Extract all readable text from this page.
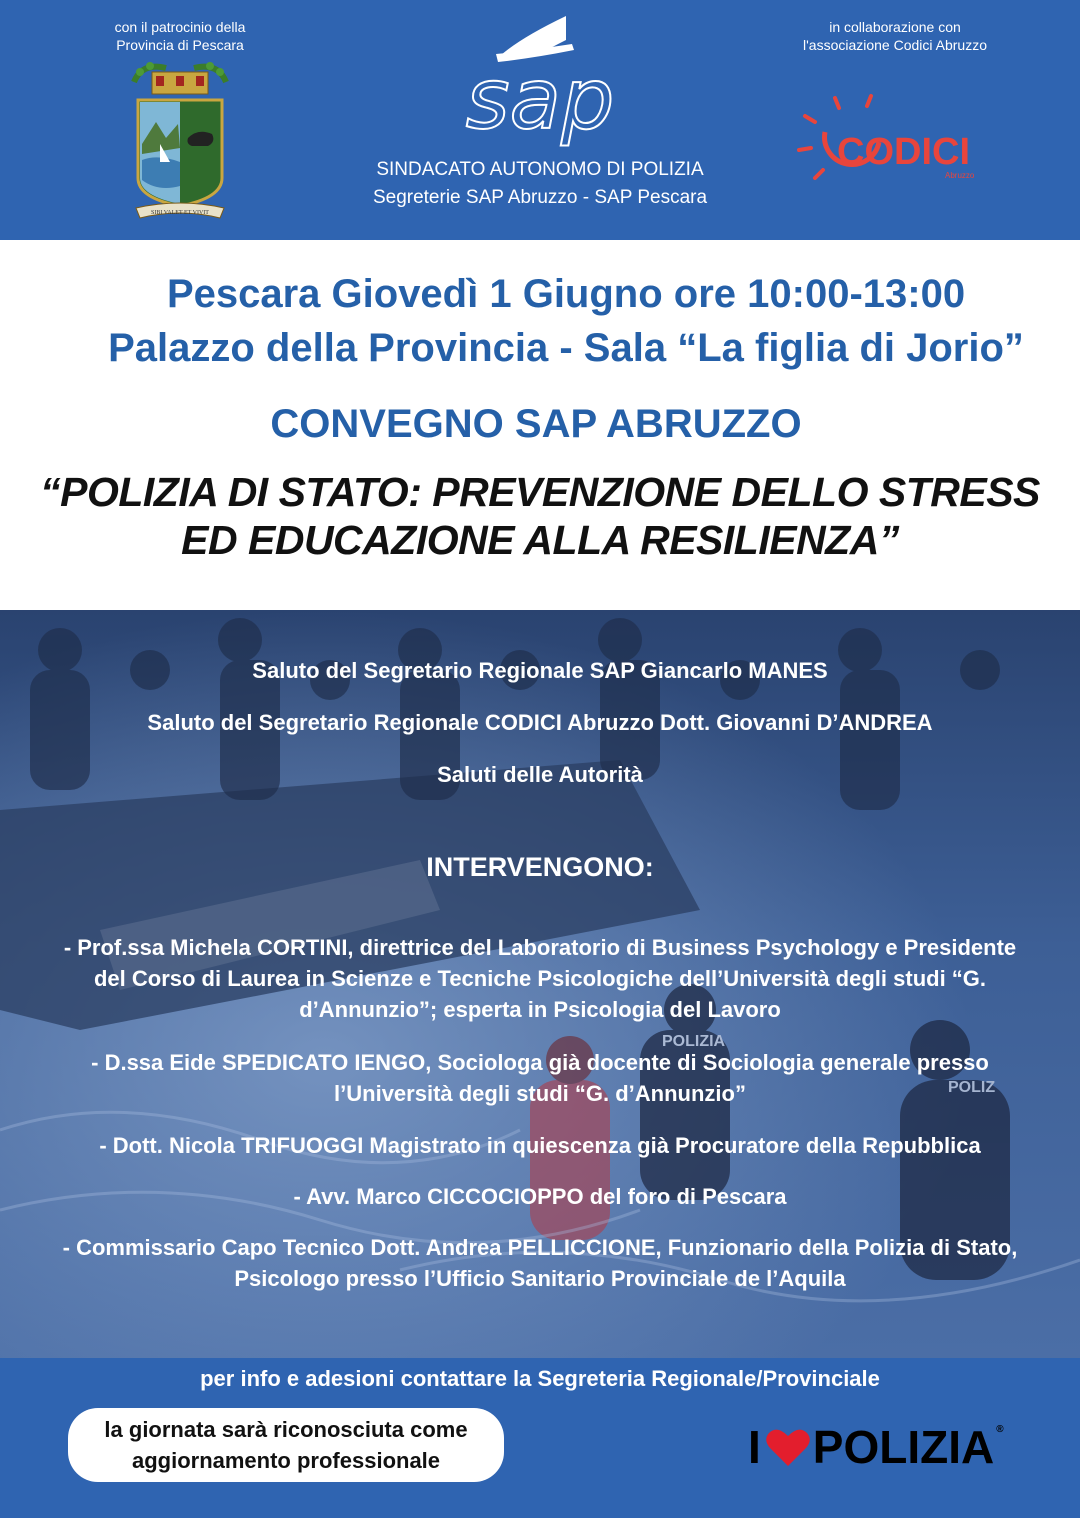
con il patrocinio della
Provincia di Pescara
SIBI VALET ET VIVIT
sap
SINDACATO AUTONOMO DI POLIZIA
Segreterie SAP Abruzzo - SAP Pescara
in collaborazione con
l'associazione Codici Abruzzo
CODICI
Abruzzo
Pescara Giovedì 1 Giugno ore 10:00-13:00
Palazzo della Provincia - Sala “La figlia di Jorio”
CONVEGNO SAP ABRUZZO
“POLIZIA DI STATO: PREVENZIONE DELLO STRESS
ED EDUCAZIONE ALLA RESILIENZA”
POLIZIA
POLIZ
Saluto del Segretario Regionale SAP Giancarlo MANES
Saluto del Segretario Regionale CODICI Abruzzo Dott. Giovanni D’ANDREA
Saluti delle Autorità
INTERVENGONO:
- Prof.ssa Michela CORTINI, direttrice del Laboratorio di Business Psychology e Presidente
del Corso di Laurea in Scienze e Tecniche Psicologiche dell’Università degli studi “G.
d’Annunzio”; esperta in Psicologia del Lavoro
- D.ssa Eide SPEDICATO IENGO, Sociologa già docente di Sociologia generale presso
l’Università degli studi “G. d’Annunzio”
- Dott. Nicola TRIFUOGGI Magistrato in quiescenza già Procuratore della Repubblica
- Avv. Marco CICCOCIOPPO del foro di Pescara
- Commissario Capo Tecnico Dott. Andrea PELLICCIONE, Funzionario della Polizia di Stato,
Psicologo presso l’Ufficio Sanitario Provinciale de l’Aquila
per info e adesioni contattare la Segreteria Regionale/Provinciale
la giornata sarà riconosciuta come
aggiornamento professionale	I POLIZIA ®
